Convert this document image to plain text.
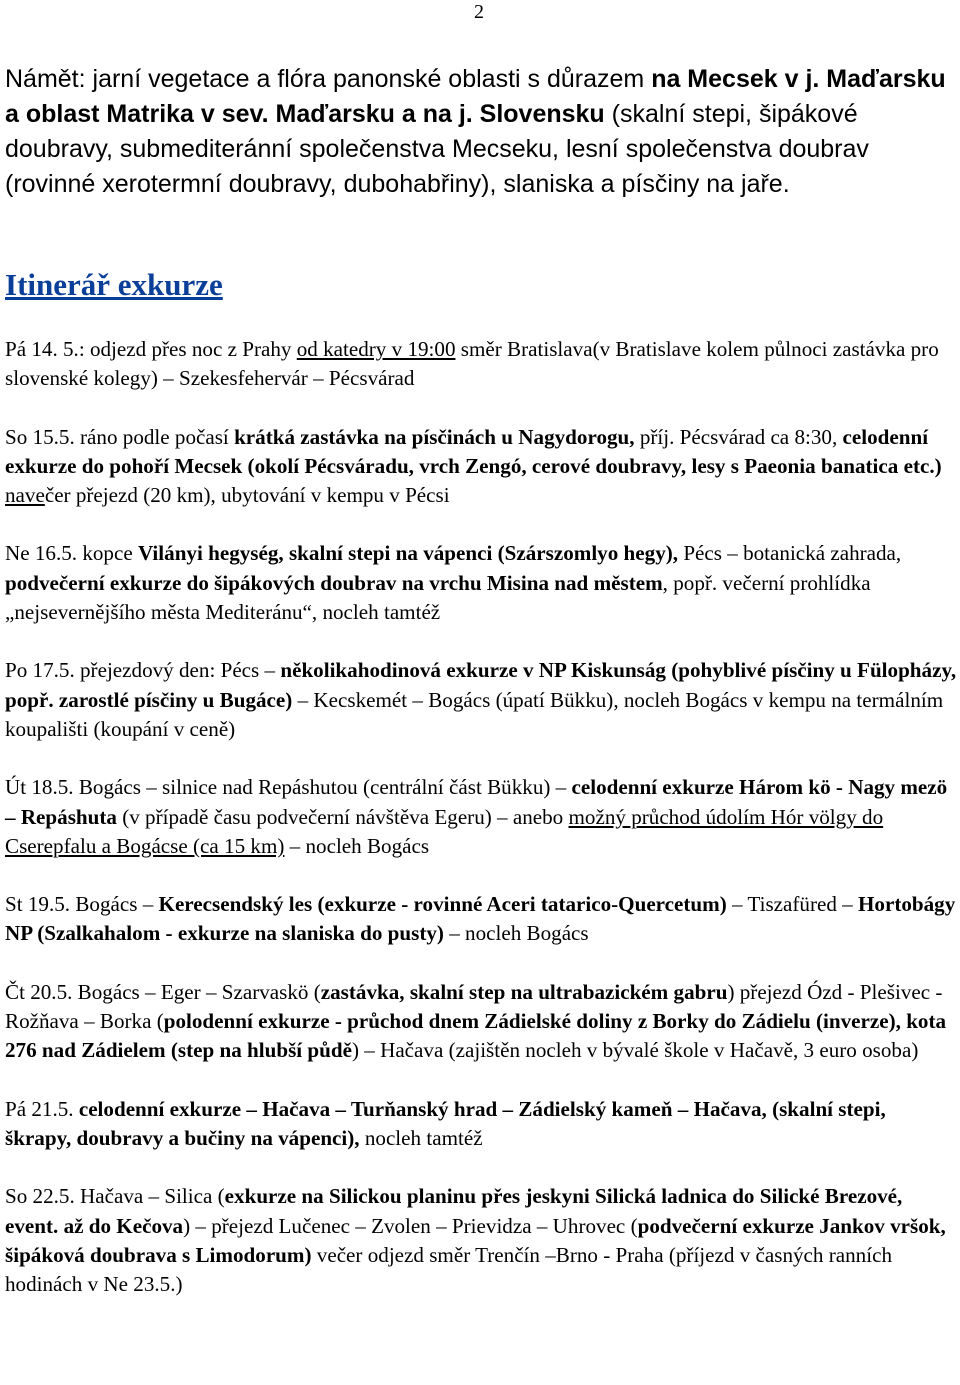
2

Námět: jarní vegetace a flóra panonské oblasti s důrazem na Mecsek v j. Maďarsku a oblast Matrika v sev. Maďarsku a na j. Slovensku (skalní stepi, šipákové doubravy, submediteránní společenstva Mecseku, lesní společenstva doubrav (rovinné xerotermní doubravy, dubohabřiny), slaniska a písčiny na jaře.

Itinerář exkurze

Pá 14. 5.: odjezd přes noc z Prahy od katedry v 19:00 směr Bratislava(v Bratislave kolem půlnoci zastávka pro slovenské kolegy) – Szekesfehervár – Pécsvárad

So 15.5. ráno podle počasí krátká zastávka na písčinách u Nagydorogu, příj. Pécsvárad ca 8:30, celodenní exkurze do pohoří Mecsek (okolí Pécsváradu, vrch Zengó, cerové doubravy, lesy s Paeonia banatica etc.) navečer přejezd (20 km), ubytování v kempu v Pécsi

Ne 16.5. kopce Vilányi hegység, skalní stepi na vápenci (Szárszomlyo hegy), Pécs – botanická zahrada, podvečerní exkurze do šipákových doubrav na vrchu Misina nad městem, popř. večerní prohlídka „nejsevernějšího města Mediteránu“, nocleh tamtéž

Po 17.5. přejezdový den: Pécs – několikahodinová exkurze v NP Kiskunság (pohyblivé písčiny u Fülopházy, popř. zarostlé písčiny u Bugáce) – Kecskemét – Bogács (úpatí Bükku), nocleh Bogács v kempu na termálním koupališti (koupání v ceně)

Út 18.5. Bogács – silnice nad Repáshutou (centrální část Bükku) – celodenní exkurze Három kö - Nagy mezö – Repáshuta (v případě času podvečerní návštěva Egeru) – anebo možný průchod údolím Hór völgy do Cserepfalu a Bogácse (ca 15 km) – nocleh Bogács

St 19.5. Bogács – Kerecsendský les (exkurze - rovinné Aceri tatarico-Quercetum) – Tiszafüred – Hortobágy NP (Szalkahalom - exkurze na slaniska do pusty) – nocleh Bogács

Čt 20.5. Bogács – Eger – Szarvaskö (zastávka, skalní step na ultrabazickém gabru) přejezd Ózd - Plešivec - Rožňava – Borka (polodenní exkurze - průchod dnem Zádielské doliny z Borky do Zádielu (inverze), kota 276 nad Zádielem (step na hlubší půdě) – Hačava (zajištěn nocleh v bývalé škole v Hačavě, 3 euro osoba)

Pá 21.5. celodenní exkurze – Hačava – Turňanský hrad – Zádielský kameň – Hačava, (skalní stepi, škrapy, doubravy a bučiny na vápenci), nocleh tamtéž

So 22.5. Hačava – Silica (exkurze na Silickou planinu přes jeskyni Silická ladnica do Silické Brezové, event. až do Kečova) – přejezd Lučenec – Zvolen – Prievidza – Uhrovec (podvečerní exkurze Jankov vršok, šipáková doubrava s Limodorum) večer odjezd směr Trenčín –Brno - Praha (příjezd v časných ranních hodinách v Ne 23.5.)
